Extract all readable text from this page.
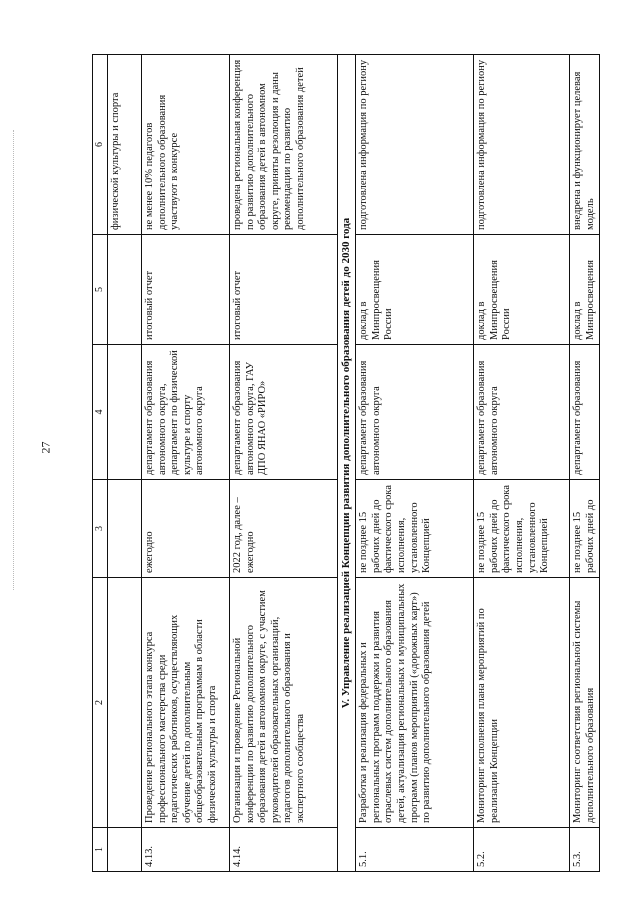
27
1	2	3	4	5	6
					физической культуры и спорта
4.13.	Проведение регионального этапа конкурса профессионального мастерства среди педагогических работников, осуществляющих обучение детей по дополнительным общеобразовательным программам в области физической культуры и спорта	ежегодно	департамент образования автономного округа, департамент по физической культуре и спорту автономного округа	итоговый отчет	не менее 10% педагогов дополнительного образования участвуют в конкурсе
4.14.	Организация и проведение Региональной конференции по развитию дополнительного образования детей в автономном округе, с участием руководителей образовательных организаций, педагогов дополнительного образования и экспертного сообщества	2022 год, далее – ежегодно	департамент образования автономного округа, ГАУ ДПО ЯНАО «РИРО»	итоговый отчет	проведена региональная конференция по развитию дополнительного образования детей в автономном округе, приняты резолюция и даны рекомендации по развитию дополнительного образования детей
V. Управление реализацией Концепции развития дополнительного образования детей до 2030 года					
5.1.	Разработка и реализация федеральных и региональных программ поддержки и развития отраслевых систем дополнительного образования детей, актуализация региональных и муниципальных программ (планов мероприятий («дорожных карт») по развитию дополнительного образования детей	не позднее 15 рабочих дней до фактического срока исполнения, установленного Концепцией	департамент образования автономного округа	доклад в Минпросвещения России	подготовлена информация по региону
5.2.	Мониторинг исполнения плана мероприятий по реализации Концепции	не позднее 15 рабочих дней до фактического срока исполнения, установленного Концепцией	департамент образования автономного округа	доклад в Минпросвещения России	подготовлена информация по региону
5.3.	Мониторинг соответствия региональной системы дополнительного образования	не позднее 15 рабочих дней до	департамент образования	доклад в Минпросвещения	внедрена и функционирует целевая модель
